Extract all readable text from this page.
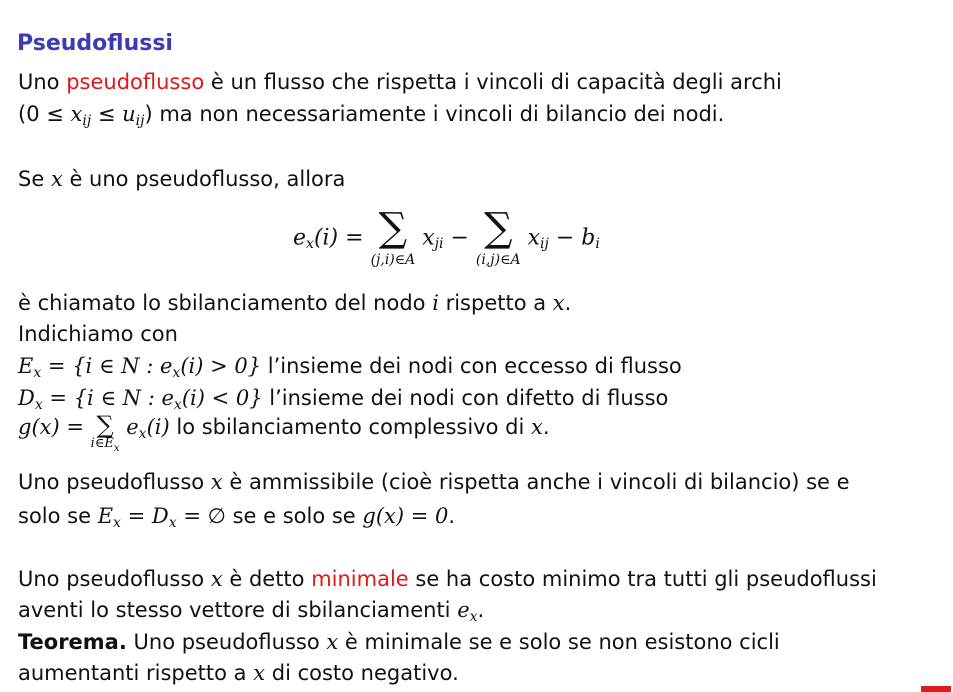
Pseudoflussi
Uno pseudoflusso è un flusso che rispetta i vincoli di capacità degli archi
$(0 \le x_{ij} \le u_{ij})$ ma non necessariamente i vincoli di bilancio dei nodi.
Se x è uno pseudoflusso, allora
$e_x(i)$ = ∑
(j,i)∈A
$x_{ji}$ − ∑
(i,j)∈A
$x_{ij} - b_i$
è chiamato lo sbilanciamento del nodo i rispetto a x.
Indichiamo con
$E_x = \{i$ ∈ N : $e_x(i) > 0$} l’insieme dei nodi con eccesso di flusso
$D_x = \{i$ ∈ N : $e_x(i) < 0$} l’insieme dei nodi con difetto di flusso
g(x) = ∑
$i\in E_x$
$e_x(i)$ lo sbilanciamento complessivo di x.
Uno pseudoflusso x è ammissibile (cioè rispetta anche i vincoli di bilancio) se e
solo se $E_x = D_x$ = ∅ se e solo se g(x) = 0.
Uno pseudoflusso x è detto minimale se ha costo minimo tra tutti gli pseudoflussi
aventi lo stesso vettore di sbilanciamenti $e_x$.
Teorema. Uno pseudoflusso x è minimale se e solo se non esistono cicli
aumentanti rispetto a x di costo negativo.
